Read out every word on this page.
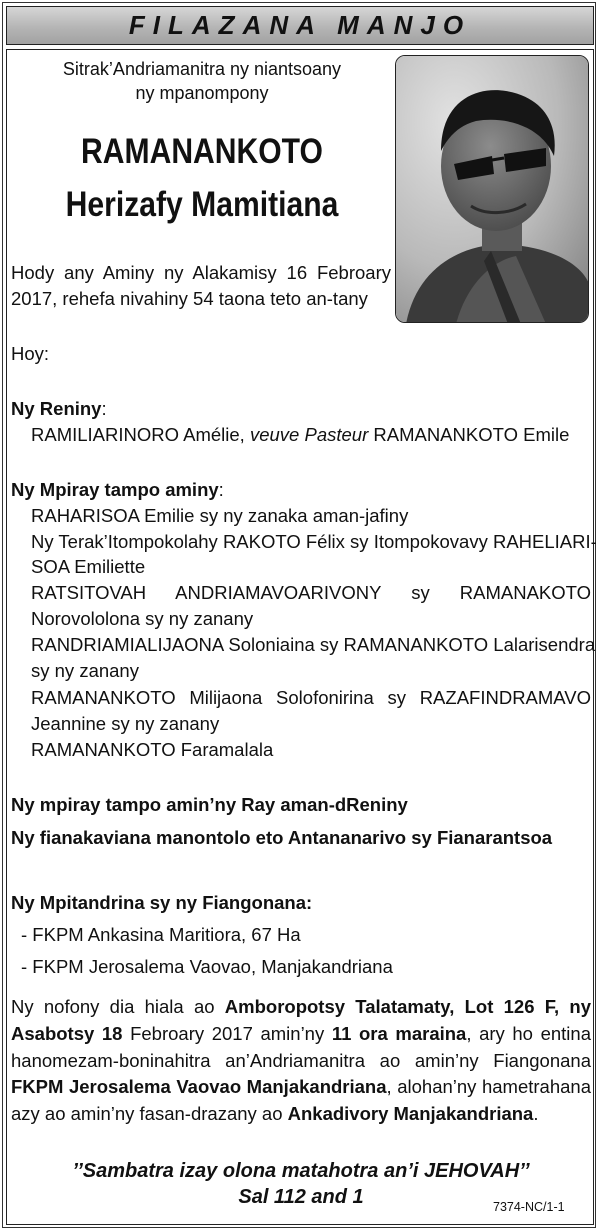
FILAZANA MANJO
Sitrak’Andriamanitra ny niantsoany
ny mpanompony
RAMANANKOTO
Herizafy Mamitiana
Hody any Aminy ny Alakamisy 16 Febroary
2017, rehefa nivahiny 54 taona teto an-tany
Hoy:
Ny Reniny:
RAMILIARINORO Amélie, veuve Pasteur RAMANANKOTO Emile
Ny Mpiray tampo aminy:
RAHARISOA Emilie sy ny zanaka aman-jafiny
Ny Terak’Itompokolahy RAKOTO Félix sy Itompokovavy RAHELIARI-
SOA Emiliette
RATSITOVAH ANDRIAMAVOARIVONY sy RAMANAKOTO
Norovololona sy ny zanany
RANDRIAMIALIJAONA Soloniaina sy RAMANANKOTO Lalarisendra
sy ny zanany
RAMANANKOTO Milijaona Solofonirina sy RAZAFINDRAMAVO
Jeannine sy ny zanany
RAMANANKOTO Faramalala
Ny mpiray tampo amin’ny Ray aman-dReniny
Ny fianakaviana manontolo eto Antananarivo sy Fianarantsoa
Ny Mpitandrina sy ny Fiangonana:
- FKPM Ankasina Maritiora, 67 Ha
- FKPM Jerosalema Vaovao, Manjakandriana
Ny nofony dia hiala ao Amboropotsy Talatamaty, Lot 126 F, ny
Asabotsy 18 Febroary 2017 amin’ny 11 ora maraina, ary ho entina
hanomezam-boninahitra an’Andriamanitra ao amin’ny Fiangonana
FKPM Jerosalema Vaovao Manjakandriana, alohan’ny hametrahana
azy ao amin’ny fasan-drazany ao Ankadivory Manjakandriana.
’’Sambatra izay olona matahotra an’i JEHOVAH’’
Sal 112 and 1	7374-NC/1-1
